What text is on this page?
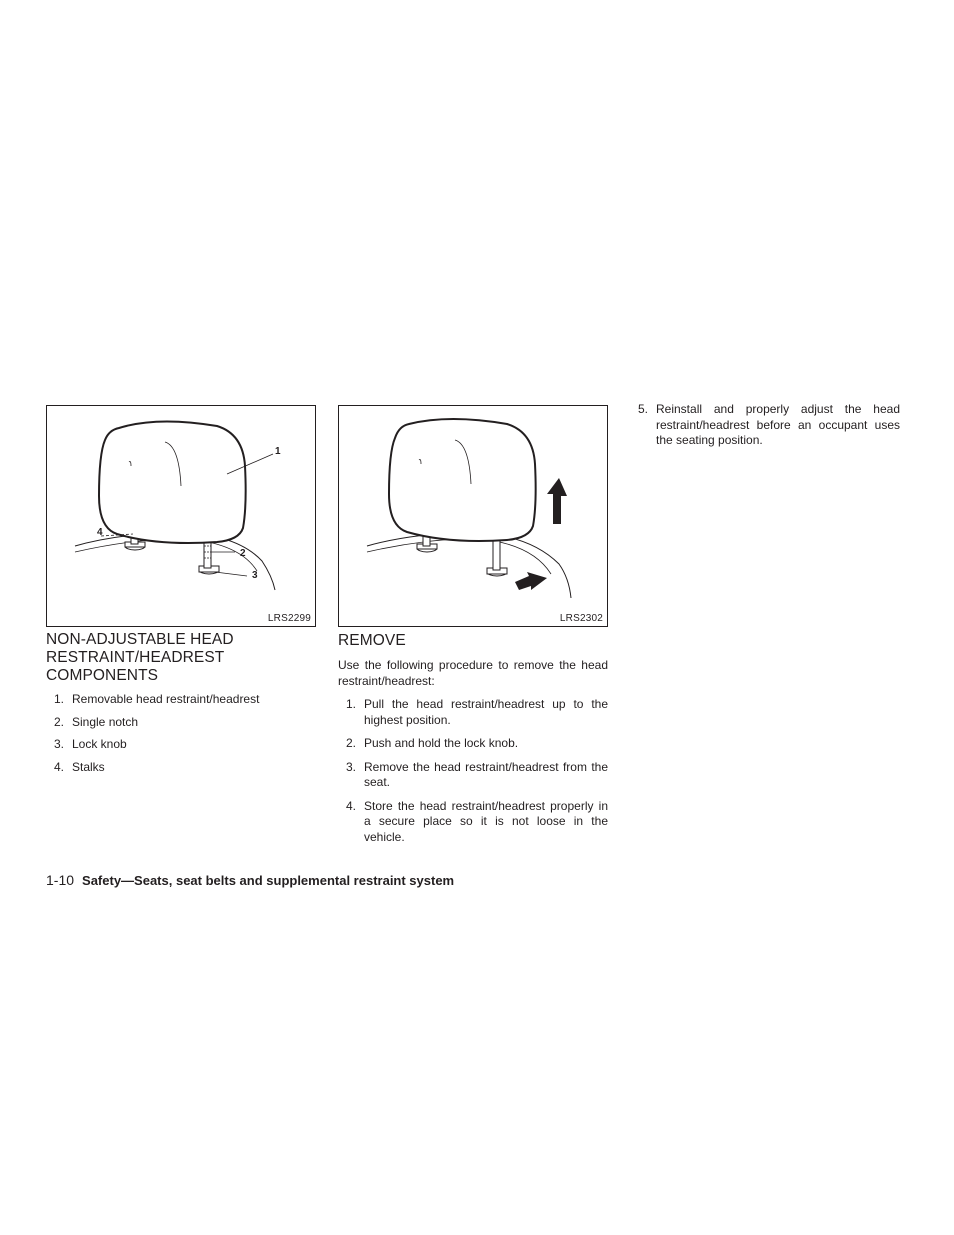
1
2
3
4
LRS2299	LRS2302
NON-ADJUSTABLE HEAD RESTRAINT/HEADREST COMPONENTS
1. Removable head restraint/headrest
2. Single notch
3. Lock knob
4. Stalks
REMOVE

Use the following procedure to remove the head restraint/headrest:

1. Pull the head restraint/headrest up to the highest position.
2. Push and hold the lock knob.
3. Remove the head restraint/headrest from the seat.
4. Store the head restraint/headrest properly in a secure place so it is not loose in the vehicle.
5. Reinstall and properly adjust the head restraint/headrest before an occupant uses the seating position.
1-10 Safety—Seats, seat belts and supplemental restraint system
